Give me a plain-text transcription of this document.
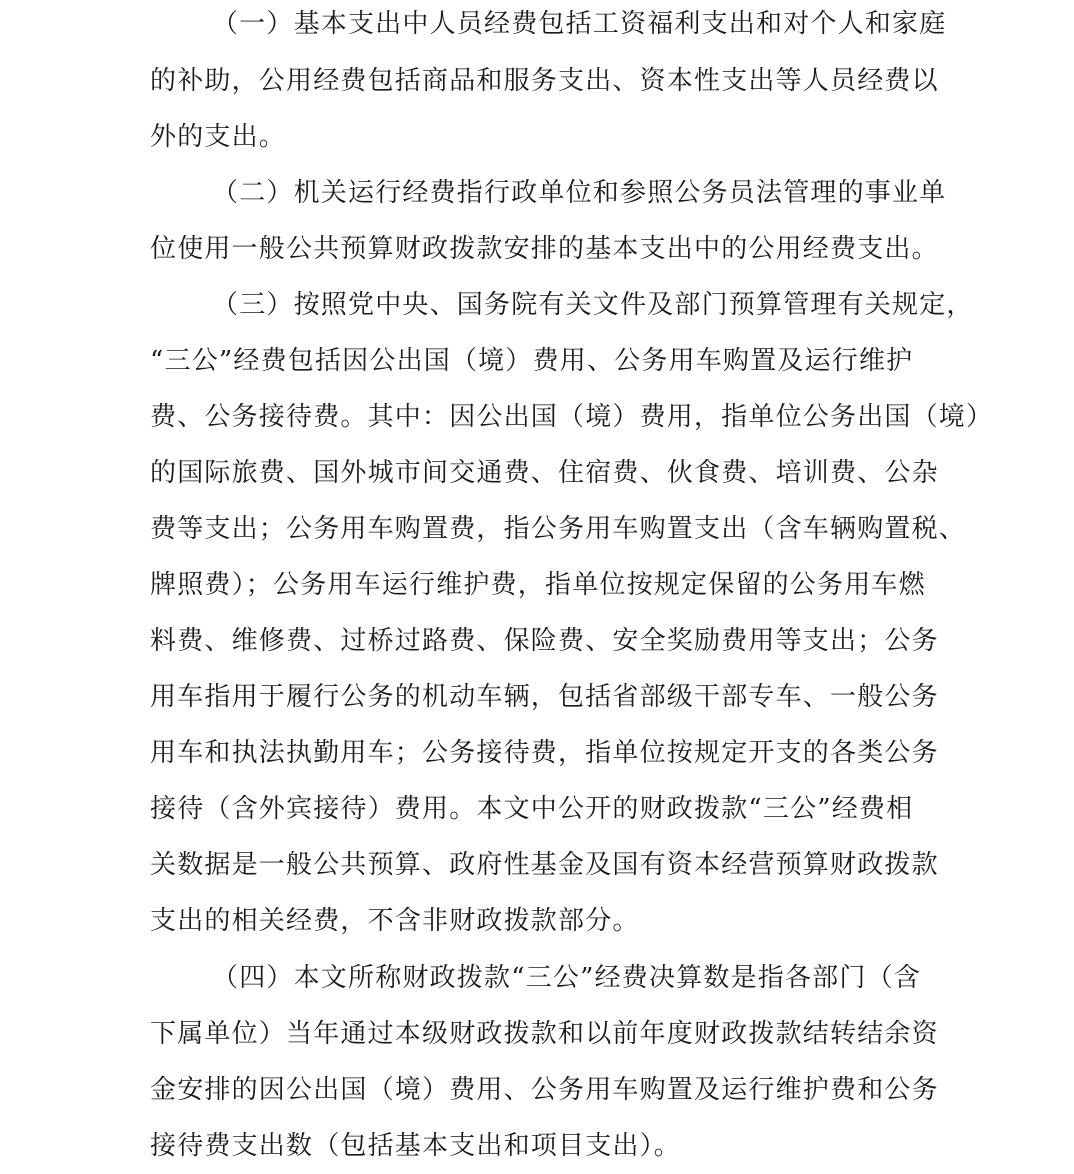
（一）基本支出中人员经费包括工资福利支出和对个人和家庭
的补助，公用经费包括商品和服务支出、资本性支出等人员经费以
外的支出。
（二）机关运行经费指行政单位和参照公务员法管理的事业单
位使用一般公共预算财政拨款安排的基本支出中的公用经费支出。
（三）按照党中央、国务院有关文件及部门预算管理有关规定，
“三公”经费包括因公出国（境）费用、公务用车购置及运行维护
费、公务接待费。其中：因公出国（境）费用，指单位公务出国（境）
的国际旅费、国外城市间交通费、住宿费、伙食费、培训费、公杂
费等支出；公务用车购置费，指公务用车购置支出（含车辆购置税、
牌照费）；公务用车运行维护费，指单位按规定保留的公务用车燃
料费、维修费、过桥过路费、保险费、安全奖励费用等支出；公务
用车指用于履行公务的机动车辆，包括省部级干部专车、一般公务
用车和执法执勤用车；公务接待费，指单位按规定开支的各类公务
接待（含外宾接待）费用。本文中公开的财政拨款“三公”经费相
关数据是一般公共预算、政府性基金及国有资本经营预算财政拨款
支出的相关经费，不含非财政拨款部分。
（四）本文所称财政拨款“三公”经费决算数是指各部门（含
下属单位）当年通过本级财政拨款和以前年度财政拨款结转结余资
金安排的因公出国（境）费用、公务用车购置及运行维护费和公务
接待费支出数（包括基本支出和项目支出）。
